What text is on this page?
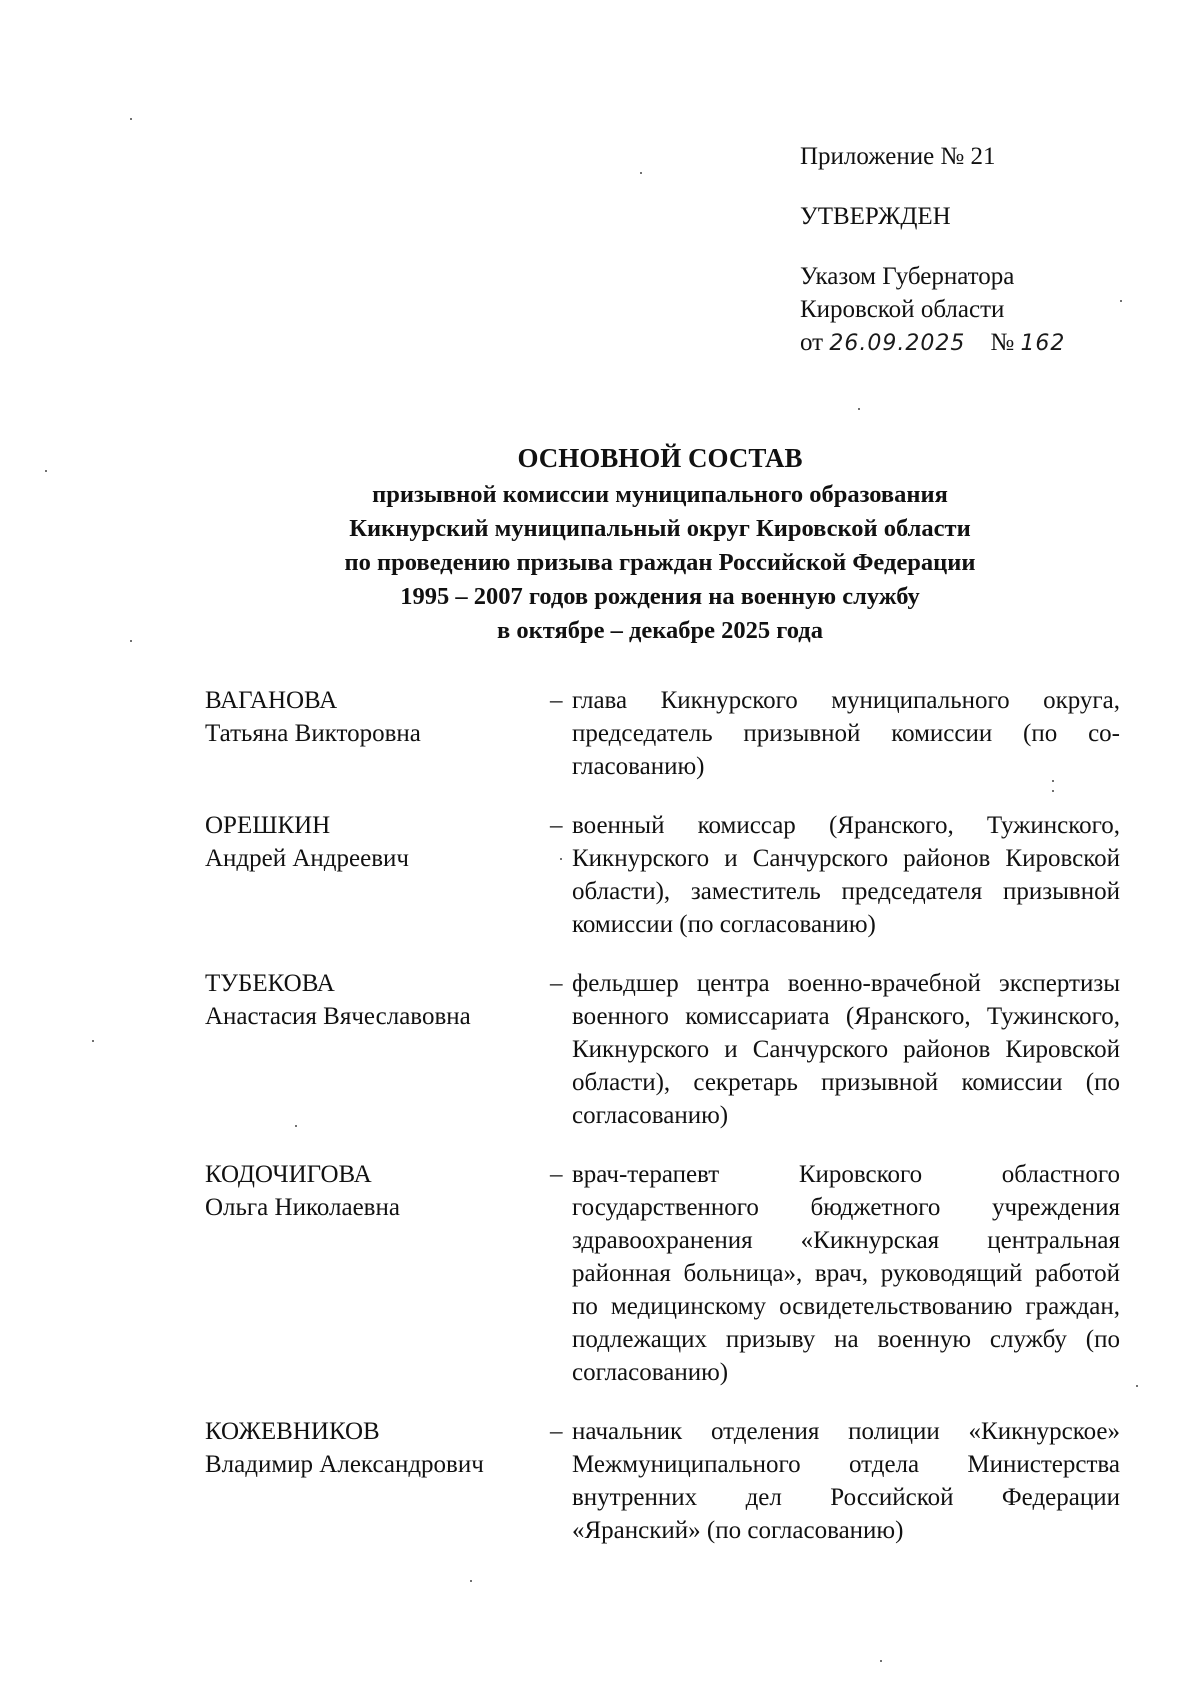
Приложение № 21
УТВЕРЖДЕН
Указом Губернатора
Кировской области
от 26.09.2025 № 162
ОСНОВНОЙ СОСТАВ
призывной комиссии муниципального образования
Кикнурский муниципальный округ Кировской области
по проведению призыва граждан Российской Федерации
1995 – 2007 годов рождения на военную службу
в октябре – декабре 2025 года
ВАГАНОВА
Татьяна Викторовна
– глава Кикнурского муниципального округа, председатель призывной комиссии (по согласованию)
ОРЕШКИН
Андрей Андреевич
– военный комиссар (Яранского, Тужинского, Кикнурского и Санчурского районов Кировской области), заместитель председателя призывной комиссии (по согласованию)
ТУБЕКОВА
Анастасия Вячеславовна
– фельдшер центра военно-врачебной экспертизы военного комиссариата (Яранского, Тужинского, Кикнурского и Санчурского районов Кировской области), секретарь призывной комиссии (по согласованию)
КОДОЧИГОВА
Ольга Николаевна
– врач-терапевт Кировского областного государственного бюджетного учреждения здравоохранения «Кикнурская центральная районная больница», врач, руководящий работой по медицинскому освидетельствованию граждан, подлежащих призыву на военную службу (по согласованию)
КОЖЕВНИКОВ
Владимир Александрович
– начальник отделения полиции «Кикнурское» Межмуниципального отдела Министерства внутренних дел Российской Федерации «Яранский» (по согласованию)
